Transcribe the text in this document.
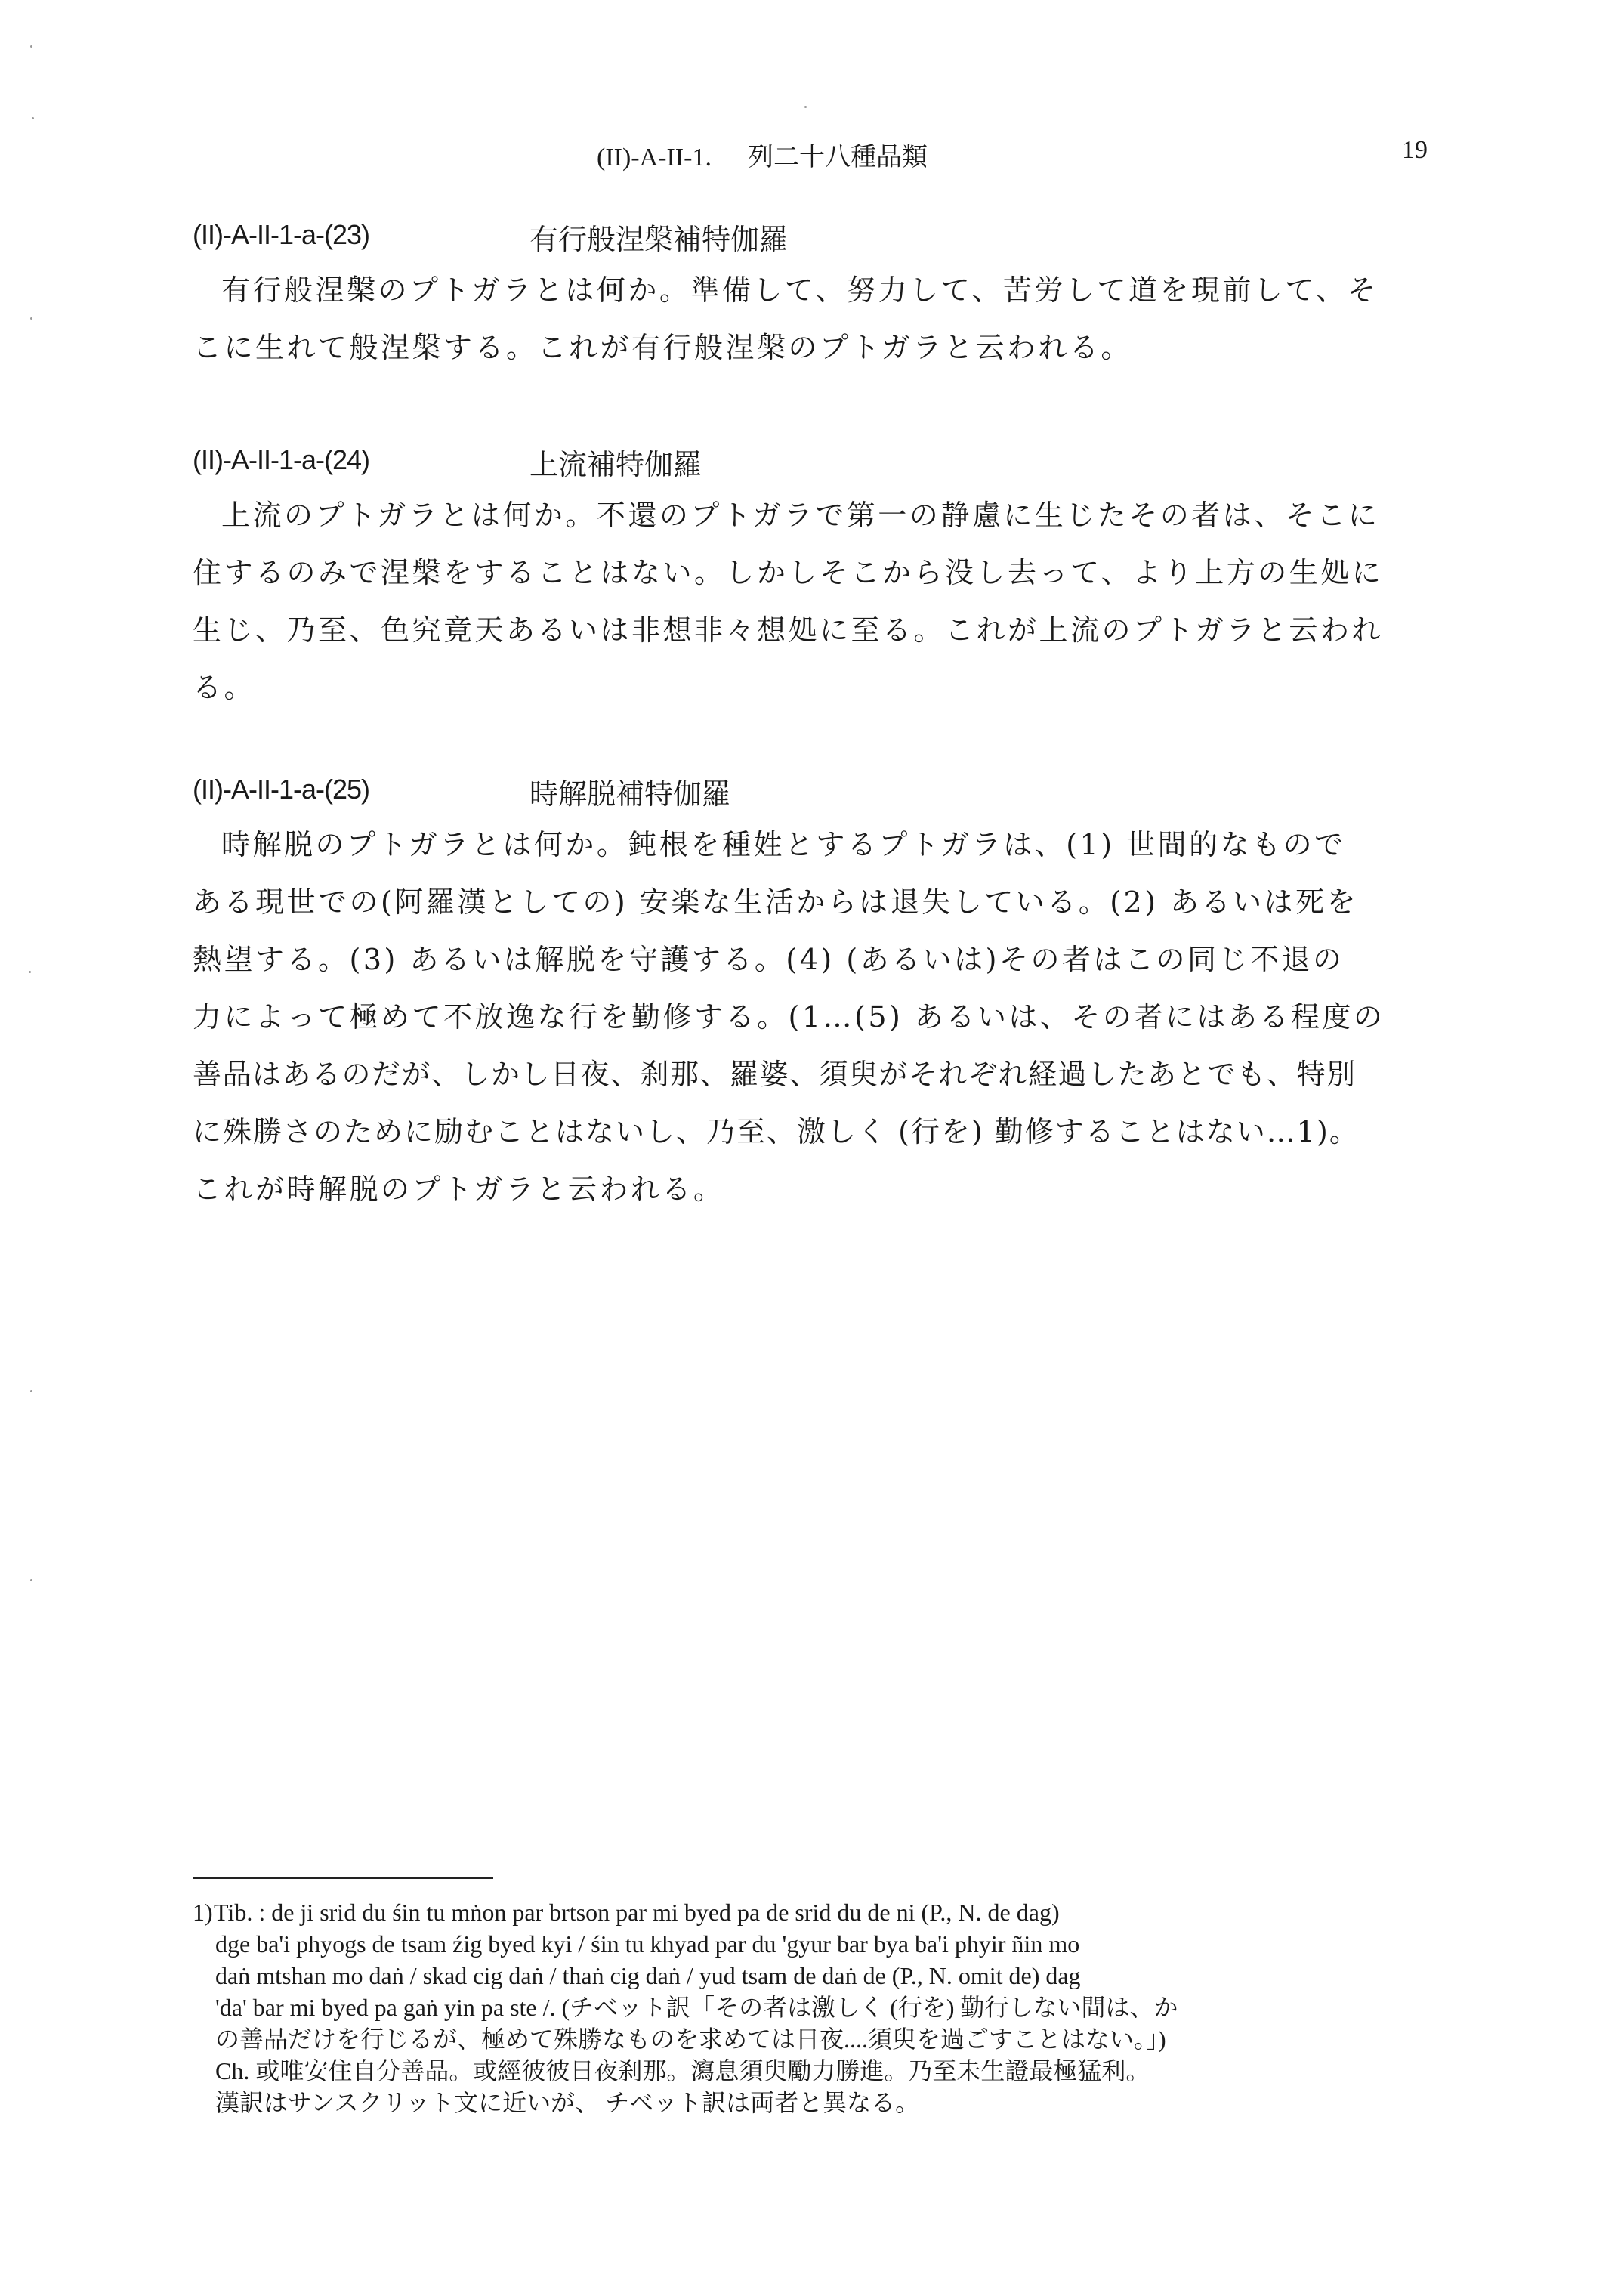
(II)-A-II-1. 列二十八種品類	19
(II)-A-II-1-a-(23)	有行般涅槃補特伽羅

有行般涅槃のプトガラとは何か。準備して、努力して、苦労して道を現前して、そ

こに生れて般涅槃する。これが有行般涅槃のプトガラと云われる。

(II)-A-II-1-a-(24)	上流補特伽羅

上流のプトガラとは何か。不還のプトガラで第一の静慮に生じたその者は、そこに

住するのみで涅槃をすることはない。しかしそこから没し去って、より上方の生処に

生じ、乃至、色究竟天あるいは非想非々想処に至る。これが上流のプトガラと云われ

る。

(II)-A-II-1-a-(25)	時解脱補特伽羅

時解脱のプトガラとは何か。鈍根を種姓とするプトガラは、(1) 世間的なもので

ある現世での(阿羅漢としての) 安楽な生活からは退失している。(2) あるいは死を

熱望する。(3) あるいは解脱を守護する。(4) (あるいは)その者はこの同じ不退の

力によって極めて不放逸な行を勤修する。(1…(5) あるいは、その者にはある程度の

善品はあるのだが、しかし日夜、刹那、羅婆、須臾がそれぞれ経過したあとでも、特別

に殊勝さのために励むことはないし、乃至、激しく (行を) 勤修することはない…1)。

これが時解脱のプトガラと云われる。

1) Tib. : de ji srid du śin tu mṅon par brtson par mi byed pa de srid du de ni (P., N. de dag)
dge ba'i phyogs de tsam źig byed kyi / śin tu khyad par du 'gyur bar bya ba'i phyir ñin mo
daṅ mtshan mo daṅ / skad cig daṅ / thaṅ cig daṅ / yud tsam de daṅ de (P., N. omit de) dag
'da' bar mi byed pa gaṅ yin pa ste /. (チベット訳「その者は激しく (行を) 勤行しない間は、か
の善品だけを行じるが、極めて殊勝なものを求めては日夜....須臾を過ごすことはない。」)
Ch. 或唯安住自分善品。或經彼彼日夜刹那。瀉息須臾勵力勝進。乃至未生證最極猛利。
漢訳はサンスクリット文に近いが、 チベット訳は両者と異なる。
